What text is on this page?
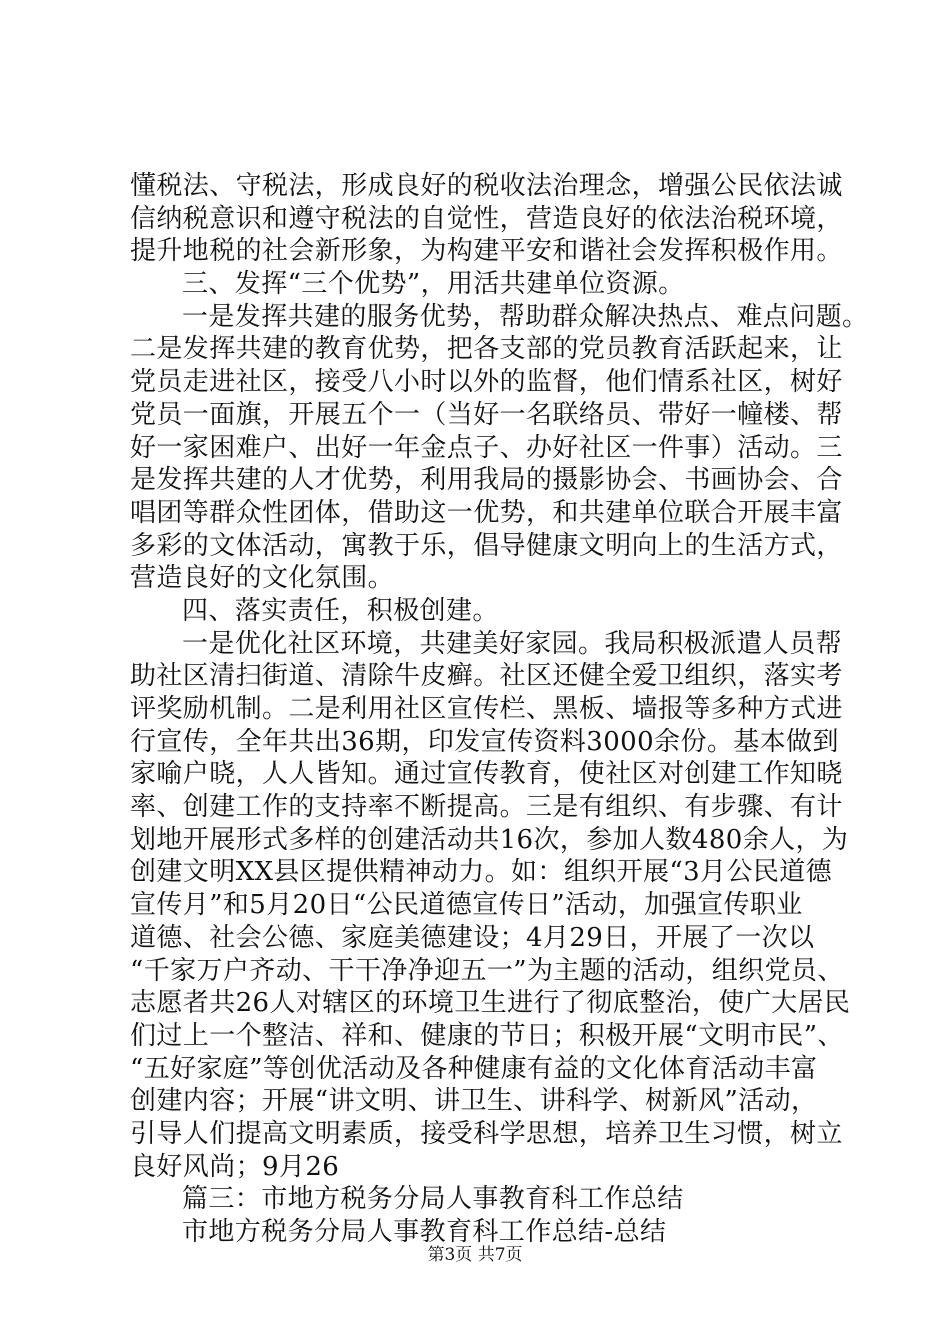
懂税法、守税法，形成良好的税收法治理念，增强公民依法诚
信纳税意识和遵守税法的自觉性，营造良好的依法治税环境，
提升地税的社会新形象，为构建平安和谐社会发挥积极作用。
三、发挥“三个优势”，用活共建单位资源。
一是发挥共建的服务优势，帮助群众解决热点、难点问题。
二是发挥共建的教育优势，把各支部的党员教育活跃起来，让
党员走进社区，接受八小时以外的监督，他们情系社区，树好
党员一面旗，开展五个一（当好一名联络员、带好一幢楼、帮
好一家困难户、出好一年金点子、办好社区一件事）活动。三
是发挥共建的人才优势，利用我局的摄影协会、书画协会、合
唱团等群众性团体，借助这一优势，和共建单位联合开展丰富
多彩的文体活动，寓教于乐，倡导健康文明向上的生活方式，
营造良好的文化氛围。
四、落实责任，积极创建。
一是优化社区环境，共建美好家园。我局积极派遣人员帮
助社区清扫街道、清除牛皮癣。社区还健全爱卫组织，落实考
评奖励机制。二是利用社区宣传栏、黑板、墙报等多种方式进
行宣传，全年共出36期，印发宣传资料3000余份。基本做到
家喻户晓，人人皆知。通过宣传教育，使社区对创建工作知晓
率、创建工作的支持率不断提高。三是有组织、有步骤、有计
划地开展形式多样的创建活动共16次，参加人数480余人，为
创建文明XX县区提供精神动力。如：组织开展“3月公民道德
宣传月”和5月20日“公民道德宣传日”活动，加强宣传职业
道德、社会公德、家庭美德建设；4月29日，开展了一次以
“千家万户齐动、干干净净迎五一”为主题的活动，组织党员、
志愿者共26人对辖区的环境卫生进行了彻底整治，使广大居民
们过上一个整洁、祥和、健康的节日；积极开展“文明市民”、
“五好家庭”等创优活动及各种健康有益的文化体育活动丰富
创建内容；开展“讲文明、讲卫生、讲科学、树新风”活动，
引导人们提高文明素质，接受科学思想，培养卫生习惯，树立
良好风尚；9月26
篇三：市地方税务分局人事教育科工作总结
市地方税务分局人事教育科工作总结-总结
第3页 共7页
